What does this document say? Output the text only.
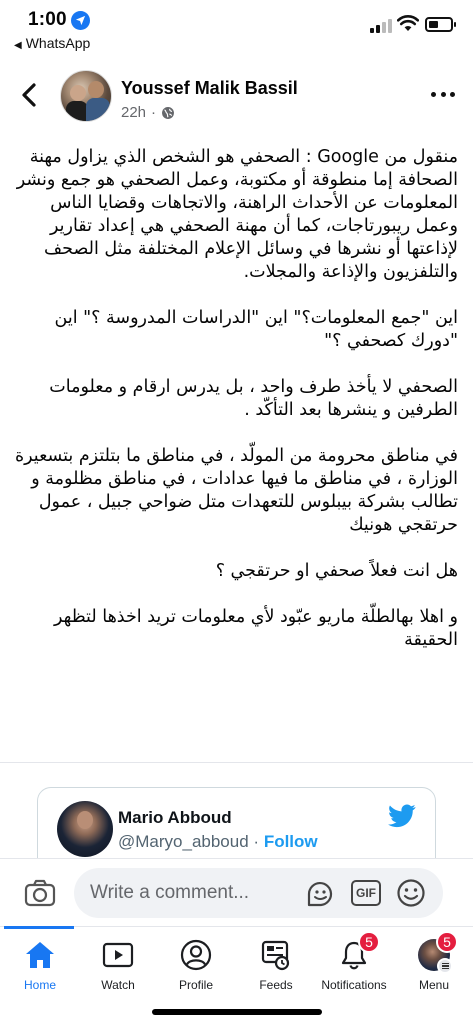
1:00
◀ WhatsApp
Youssef Malik Bassil
22h ·

منقول من Google : الصحفي هو الشخص الذي يزاول مهنة الصحافة إما منطوقة أو مكتوبة، وعمل الصحفي هو جمع ونشر المعلومات عن الأحداث الراهنة، والاتجاهات وقضايا الناس وعمل ريبورتاجات، كما أن مهنة الصحفي هي إعداد تقارير لإذاعتها أو نشرها في وسائل الإعلام المختلفة مثل الصحف والتلفزيون والإذاعة والمجلات.

اين "جمع المعلومات؟" اين "الدراسات المدروسة ؟" اين "دورك كصحفي ؟"

الصحفي لا يأخذ طرف واحد ، بل يدرس ارقام و معلومات الطرفين و ينشرها بعد التأكّد .

في مناطق محرومة من المولّد ، في مناطق ما بتلتزم بتسعيرة الوزارة ، في مناطق ما فيها عدادات ، في مناطق مظلومة و تطالب بشركة بيبلوس للتعهدات متل ضواحي جبيل ، عمول حرتقجي هونيك

هل انت فعلاً صحفي او حرتقجي ؟

و اهلا بهالطلّة ماريو عبّود لأي معلومات تريد اخذها لتظهر الحقيقة

Mario Abboud
@Maryo_abboud · Follow
Write a comment...	GIF
Home	Watch	Profile	Feeds
5
Notifications
5
Menu
